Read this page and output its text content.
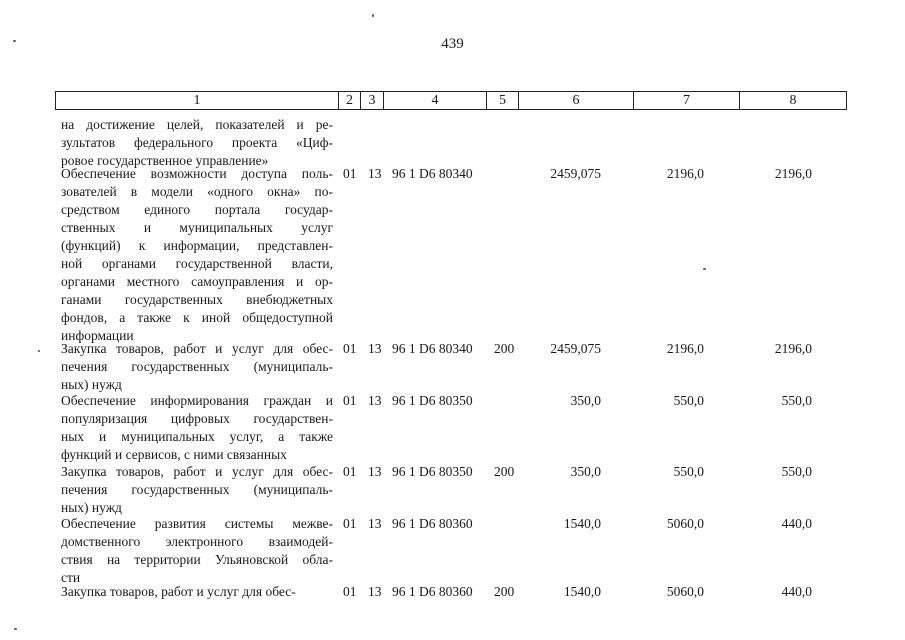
439
1	2	3	4	5	6	7	8
на достижение целей, показателей и ре-
зультатов федерального проекта «Циф-
ровое государственное управление»
Обеспечение возможности доступа поль-
зователей в модели «одного окна» по-
средством единого портала государ-
ственных и муниципальных услуг
(функций) к информации, представлен-
ной органами государственной власти,
органами местного самоуправления и ор-
ганами государственных внебюджетных
фондов, а также к иной общедоступной
информации
01 13 96 1 D6 80340	2459,075	2196,0	2196,0
Закупка товаров, работ и услуг для обес-
печения государственных (муниципаль-
ных) нужд
01 13 96 1 D6 80340 200	2459,075	2196,0	2196,0
Обеспечение информирования граждан и
популяризация цифровых государствен-
ных и муниципальных услуг, а также
функций и сервисов, с ними связанных
01 13 96 1 D6 80350	350,0	550,0	550,0
Закупка товаров, работ и услуг для обес-
печения государственных (муниципаль-
ных) нужд
01 13 96 1 D6 80350 200	350,0	550,0	550,0
Обеспечение развития системы межве-
домственного электронного взаимодей-
ствия на территории Ульяновской обла-
сти
01 13 96 1 D6 80360	1540,0	5060,0	440,0
Закупка товаров, работ и услуг для обес-	01 13 96 1 D6 80360 200	1540,0	5060,0	440,0
